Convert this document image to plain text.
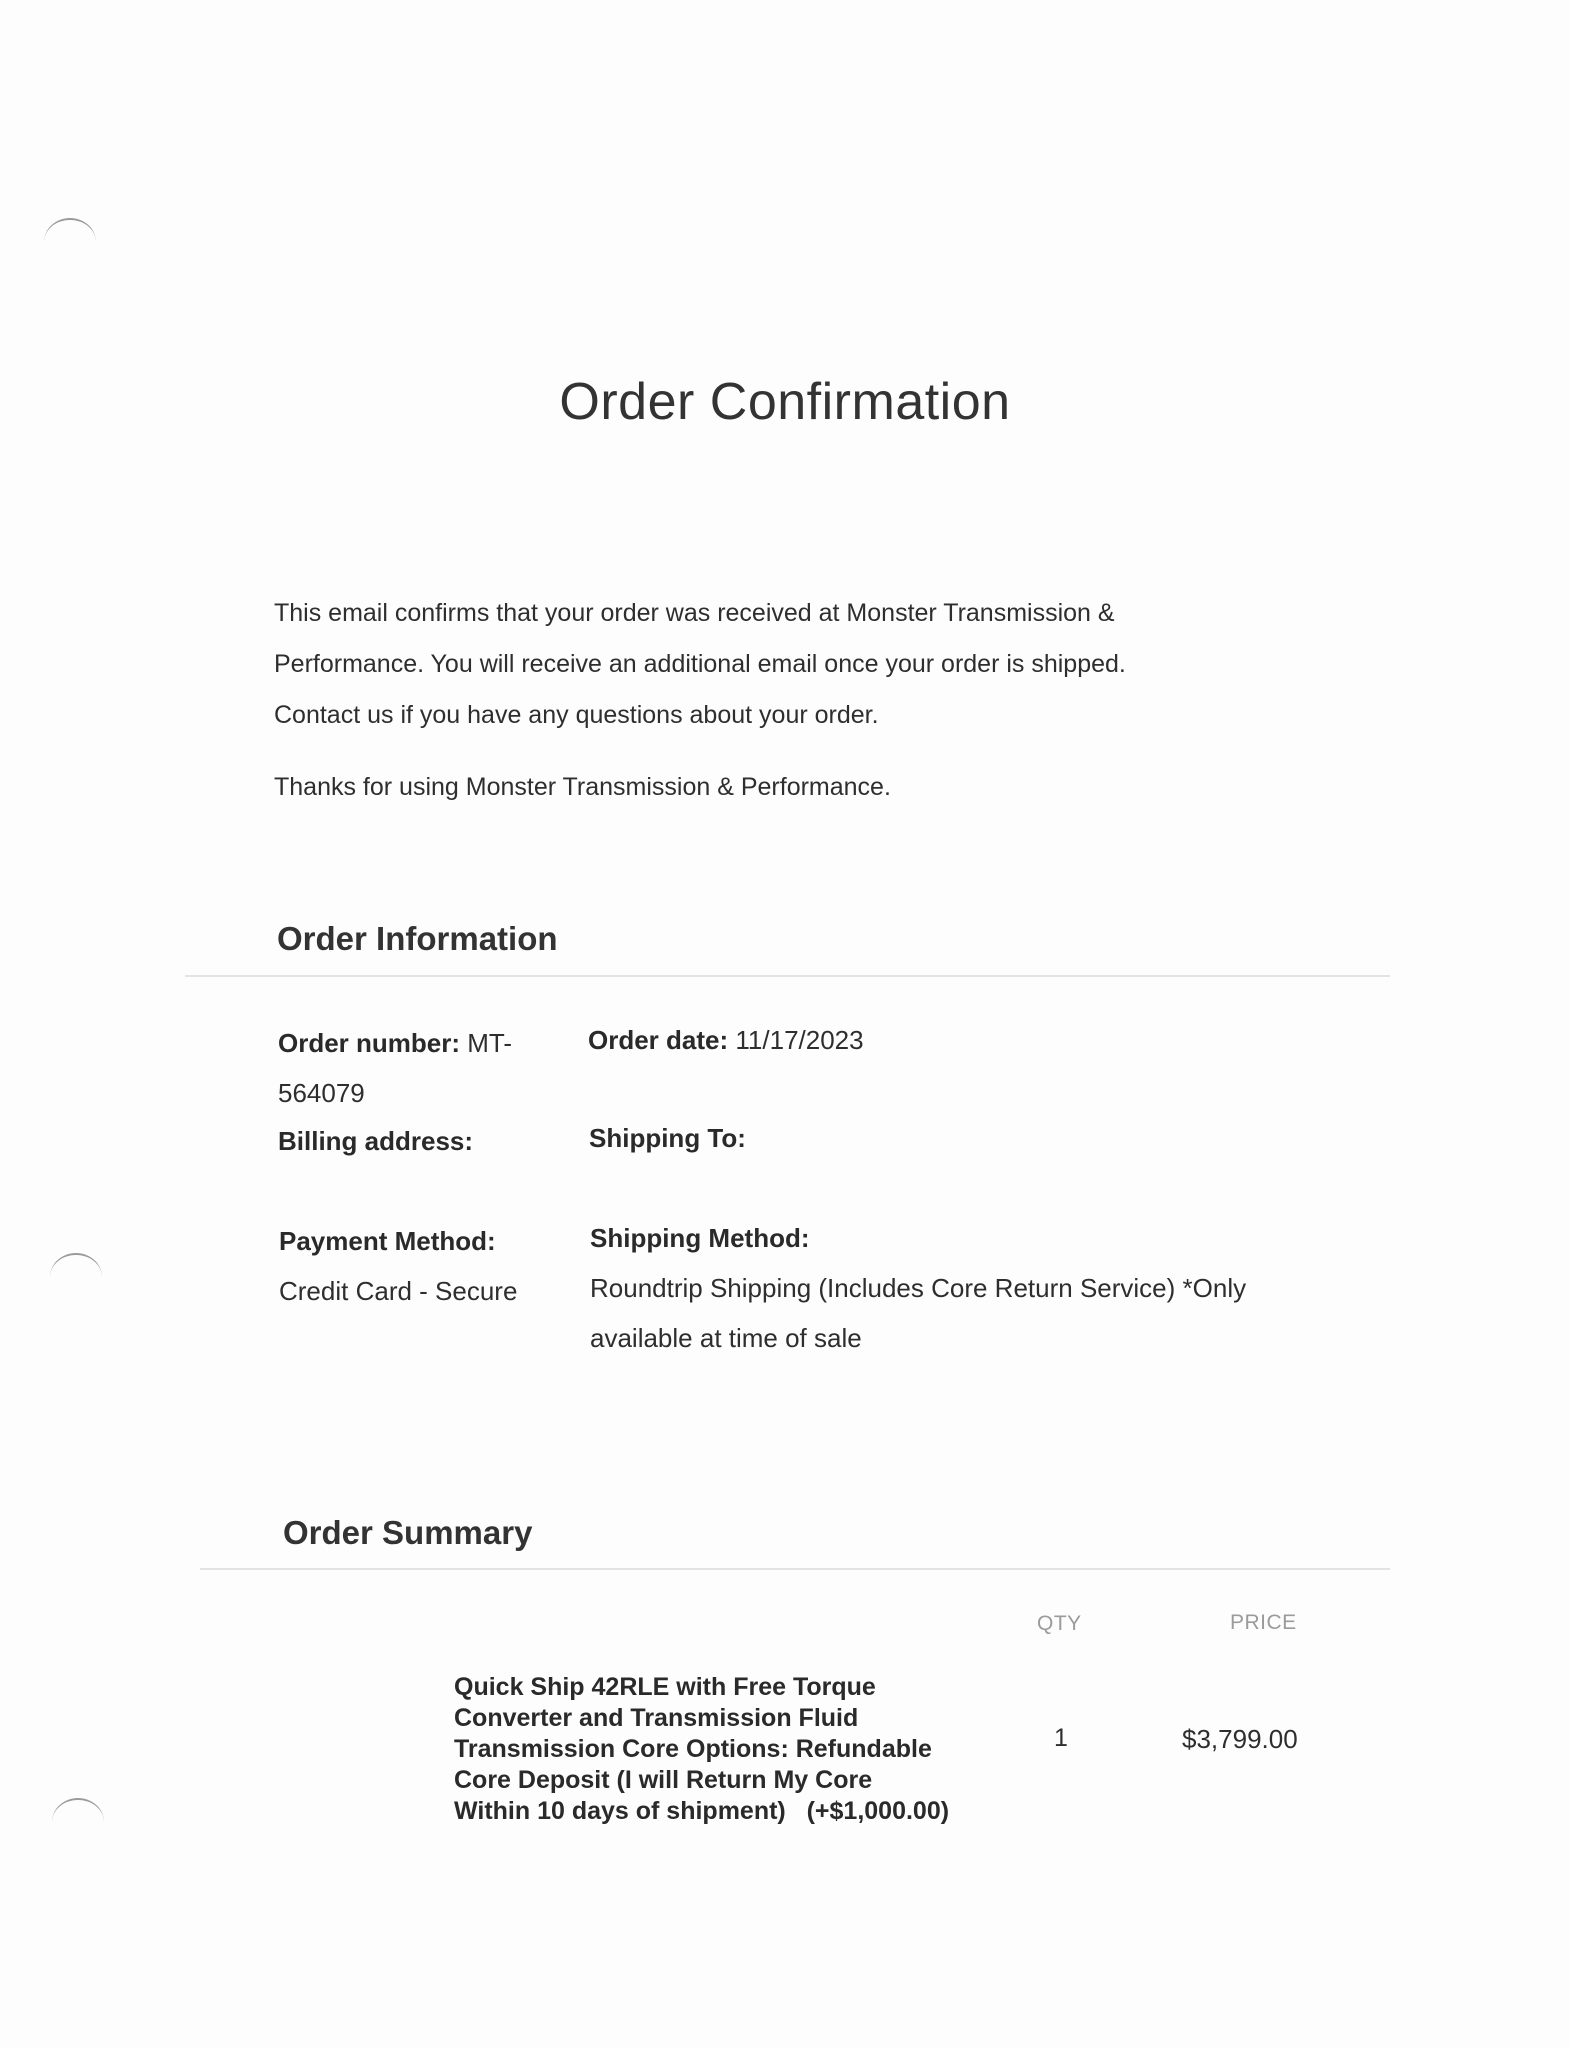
Order Confirmation
This email confirms that your order was received at Monster Transmission &
Performance. You will receive an additional email once your order is shipped.
Contact us if you have any questions about your order.
Thanks for using Monster Transmission & Performance.
Order Information
Order number: MT-
564079
Order date: 11/17/2023
Billing address:	Shipping To:
Payment Method:
Credit Card - Secure
Shipping Method:
Roundtrip Shipping (Includes Core Return Service) *Only
available at time of sale
Order Summary
QTY	PRICE
Quick Ship 42RLE with Free Torque
Converter and Transmission Fluid
Transmission Core Options: Refundable
Core Deposit (I will Return My Core
Within 10 days of shipment)   (+$1,000.00)
1	$3,799.00
